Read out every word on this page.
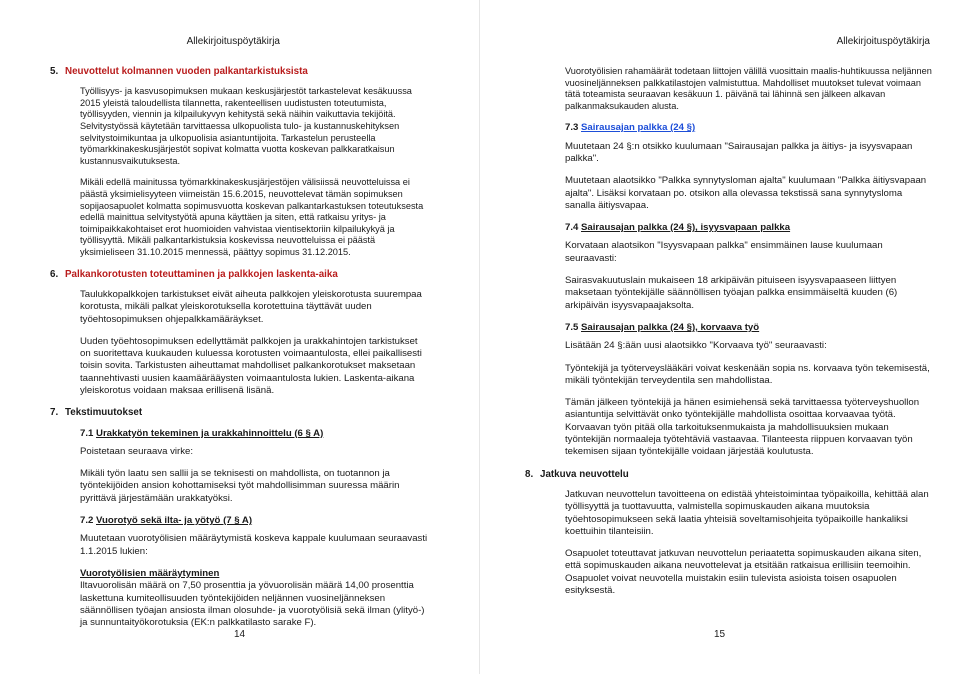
Allekirjoituspöytäkirja
5. Neuvottelut kolmannen vuoden palkantarkistuksista

Työllisyys- ja kasvusopimuksen mukaan keskusjärjestöt tarkastelevat kesäkuussa 2015 yleistä taloudellista tilannetta, rakenteellisen uudistusten toteutumista, työllisyyden, viennin ja kilpailukyvyn kehitystä sekä näihin vaikuttavia tekijöitä. Selvitystyössä käytetään tarvittaessa ulkopuolista tulo- ja kustannuskehityksen selvitystoimikuntaa ja ulkopuolisia asiantuntijoita. Tarkastelun perusteella työmarkkinakeskusjärjestöt sopivat kolmatta vuotta koskevan palkkaratkaisun kustannusvaikutuksesta.

Mikäli edellä mainitussa työmarkkinakeskusjärjestöjen välisiissä neuvotteluissa ei päästä yksimielisyyteen viimeistän 15.6.2015, neuvottelevat tämän sopimuksen sopijaosapuolet kolmatta sopimusvuotta koskevan palkantarkastuksen toteutuksesta edellä mainittua selvitystyötä apuna käyttäen ja siten, että ratkaisu yritys- ja toimipaikkakohtaiset erot huomioiden vahvistaa vientisektoriin kilpailukykyä ja työllisyyttä. Mikäli palkantarkistuksia koskevissa neuvotteluissa ei päästä yksimieliseen 31.10.2015 mennessä, päättyy sopimus 31.12.2015.

6. Palkankorotusten toteuttaminen ja palkkojen laskenta-aika

Taulukkopalkkojen tarkistukset eivät aiheuta palkkojen yleiskorotusta suurempaa korotusta, mikäli palkat yleiskorotuksella korotettuina täyttävät uuden työehtosopimuksen ohjepalkkamääräykset.

Uuden työehtosopimuksen edellyttämät palkkojen ja urakkahintojen tarkistukset on suoritettava kuukauden kuluessa korotusten voimaantulosta, ellei paikallisesti toisin sovita. Tarkistusten aiheuttamat mahdolliset palkankorotukset maksetaan taannehtivasti uusien kaamäärääysten voimaantulosta lukien. Laskenta-aikana yleiskorotus voidaan maksaa erillisenä lisänä.

7. Tekstimuutokset
7.1 Urakkatyön tekeminen ja urakkahinnoittelu (6 § A)

Poistetaan seuraava virke:

Mikäli työn laatu sen sallii ja se teknisesti on mahdollista, on tuotannon ja työntekijöiden ansion kohottamiseksi työt mahdollisimman suuressa määrin pyrittävä järjestämään urakkatyöksi.

7.2 Vuorotyö sekä ilta- ja yötyö (7 § A)

Muutetaan vuorotyölisien määräytymistä koskeva kappale kuulumaan seuraavasti 1.1.2015 lukien:

Vuorotyölisien määräytyminen

Iltavuorolisän määrä on 7,50 prosenttia ja yövuorolisän määrä 14,00 prosenttia laskettuna kumiteollisuuden työntekijöiden neljännen vuosineljänneksen säännöllisen työajan ansiosta ilman olosuhde- ja vuorotyölisiä sekä ilman (ylityö-) ja sunnuntaityökorotuksia (EK:n palkkatilasto sarake F).

14
Allekirjoituspöytäkirja

Vuorotyölisien rahamäärät todetaan liittojen välillä vuosittain maalis-huhtikuussa neljännen vuosineljänneksen palkkatilastojen valmistuttua. Mahdolliset muutokset tulevat voimaan tätä toteamista seuraavan kesäkuun 1. päivänä tai lähinnä sen jälkeen alkavan palkanmaksukauden alusta.

7.3 Sairausajan palkka (24 §)

Muutetaan 24 §:n otsikko kuulumaan "Sairausajan palkka ja äitiys- ja isyysvapaan palkka".

Muutetaan alaotsikko "Palkka synnytysloman ajalta" kuulumaan "Palkka äitiysvapaan ajalta". Lisäksi korvataan po. otsikon alla olevassa tekstissä sana synnytysloma sanalla äitiysvapaa.

7.4 Sairausajan palkka (24 §), isyysvapaan palkka

Korvataan alaotsikon "Isyysvapaan palkka" ensimmäinen lause kuulumaan seuraavasti:

Sairasvakuutuslain mukaiseen 18 arkipäivän pituiseen isyysvapaaseen liittyen maksetaan työntekijälle säännöllisen työajan palkka ensimmäiseltä kuuden (6) arkipäivän isyysvapaajaksolta.

7.5 Sairausajan palkka (24 §), korvaava työ

Lisätään 24 §:ään uusi alaotsikko "Korvaava työ" seuraavasti:

Työntekijä ja työterveyslääkäri voivat keskenään sopia ns. korvaava työn tekemisestä, mikäli työntekijän terveydentila sen mahdollistaa.

Tämän jälkeen työntekijä ja hänen esimiehensä sekä tarvittaessa työterveyshuollon asiantuntija selvittävät onko työntekijälle mahdollista osoittaa korvaavaa työtä. Korvaavan työn pitää olla tarkoituksenmukaista ja mahdollisuuksien mukaan työntekijän normaaleja työtehtäviä vastaavaa. Tilanteesta riippuen korvaavan työn tekemisen sijaan työntekijälle voidaan järjestää koulutusta.

8. Jatkuva neuvottelu

Jatkuvan neuvottelun tavoitteena on edistää yhteistoimintaa työpaikoilla, kehittää alan työllisyyttä ja tuottavuutta, valmistella sopimuskauden aikana muutoksia työehtosopimukseen sekä laatia yhteisiä soveltamisohjeita työpaikoille hankaliksi koettuihin tilanteisiin.

Osapuolet toteuttavat jatkuvan neuvottelun periaatetta sopimuskauden aikana siten, että sopimuskauden aikana neuvottelevat ja etsitään ratkaisua erillisiin teemoihin. Osapuolet voivat neuvotella muistakin esiin tulevista asioista toisen osapuolen esityksestä.

15
